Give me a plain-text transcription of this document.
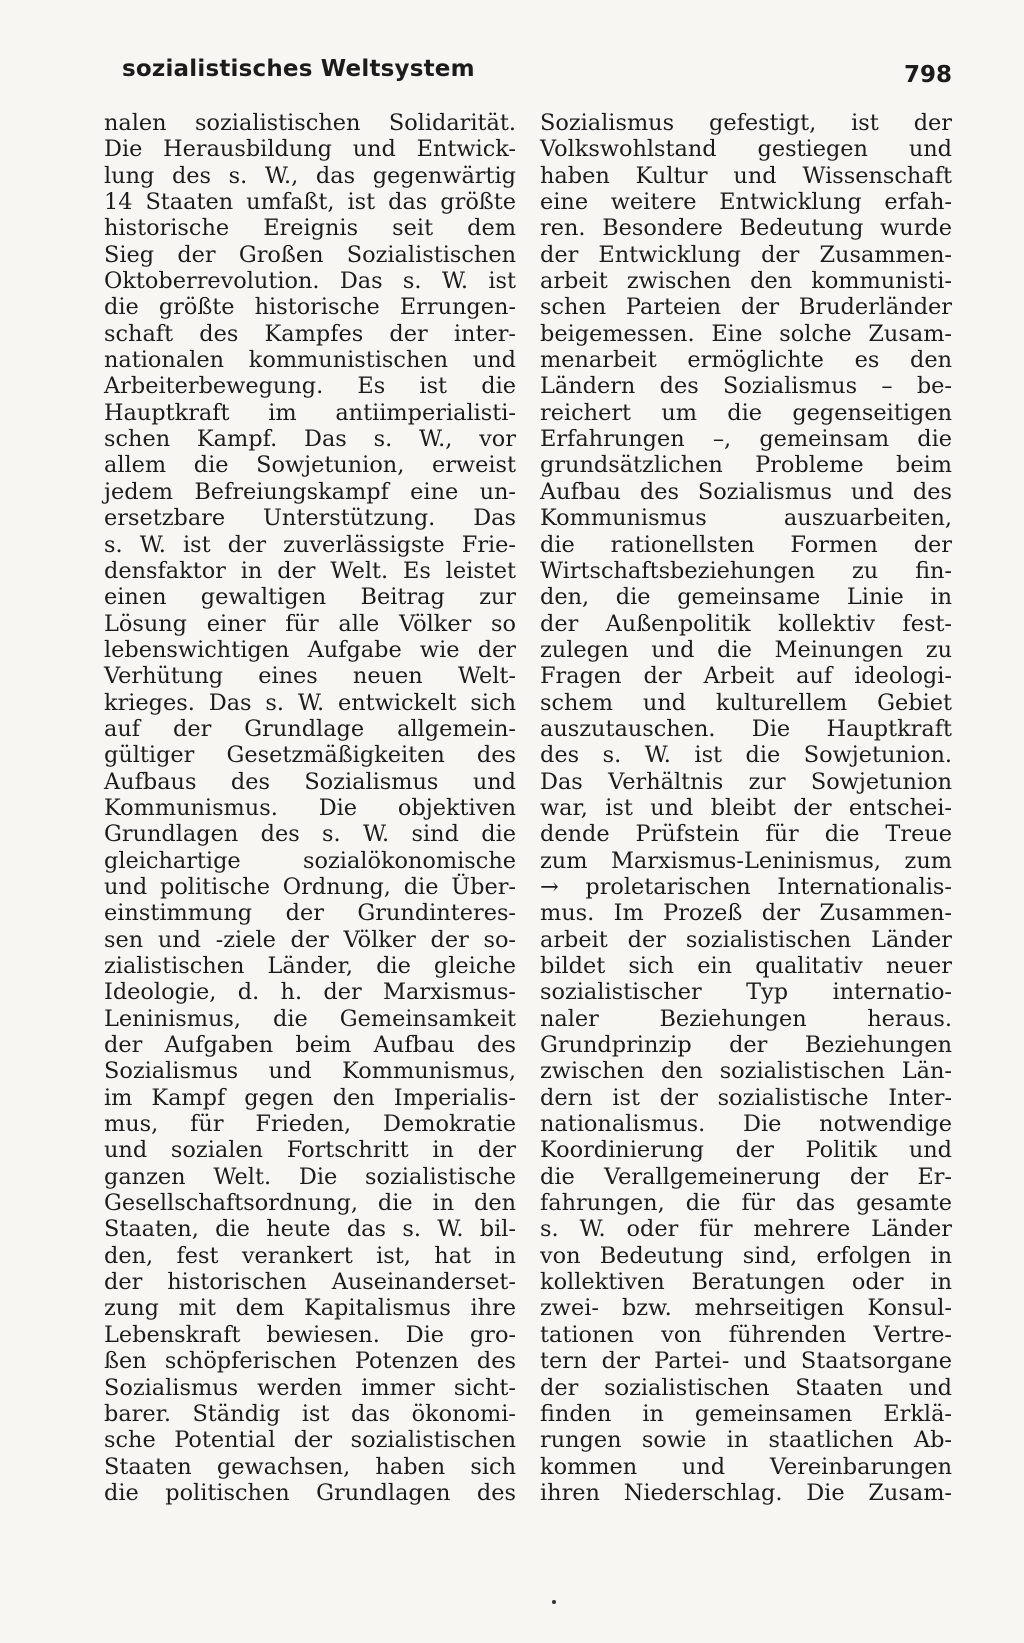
sozialistisches Weltsystem	798
nalen sozialistischen Solidarität.
Die Herausbildung und Entwick-
lung des s. W., das gegenwärtig
14 Staaten umfaßt, ist das größte
historische Ereignis seit dem
Sieg der Großen Sozialistischen
Oktoberrevolution. Das s. W. ist
die größte historische Errungen-
schaft des Kampfes der inter-
nationalen kommunistischen und
Arbeiterbewegung. Es ist die
Hauptkraft im antiimperialisti-
schen Kampf. Das s. W., vor
allem die Sowjetunion, erweist
jedem Befreiungskampf eine un-
ersetzbare Unterstützung. Das
s. W. ist der zuverlässigste Frie-
densfaktor in der Welt. Es leistet
einen gewaltigen Beitrag zur
Lösung einer für alle Völker so
lebenswichtigen Aufgabe wie der
Verhütung eines neuen Welt-
krieges. Das s. W. entwickelt sich
auf der Grundlage allgemein-
gültiger Gesetzmäßigkeiten des
Aufbaus des Sozialismus und
Kommunismus. Die objektiven
Grundlagen des s. W. sind die
gleichartige sozialökonomische
und politische Ordnung, die Über-
einstimmung der Grundinteres-
sen und -ziele der Völker der so-
zialistischen Länder, die gleiche
Ideologie, d. h. der Marxismus-
Leninismus, die Gemeinsamkeit
der Aufgaben beim Aufbau des
Sozialismus und Kommunismus,
im Kampf gegen den Imperialis-
mus, für Frieden, Demokratie
und sozialen Fortschritt in der
ganzen Welt. Die sozialistische
Gesellschaftsordnung, die in den
Staaten, die heute das s. W. bil-
den, fest verankert ist, hat in
der historischen Auseinanderset-
zung mit dem Kapitalismus ihre
Lebenskraft bewiesen. Die gro-
ßen schöpferischen Potenzen des
Sozialismus werden immer sicht-
barer. Ständig ist das ökonomi-
sche Potential der sozialistischen
Staaten gewachsen, haben sich
die politischen Grundlagen des
Sozialismus gefestigt, ist der
Volkswohlstand gestiegen und
haben Kultur und Wissenschaft
eine weitere Entwicklung erfah-
ren. Besondere Bedeutung wurde
der Entwicklung der Zusammen-
arbeit zwischen den kommunisti-
schen Parteien der Bruderländer
beigemessen. Eine solche Zusam-
menarbeit ermöglichte es den
Ländern des Sozialismus – be-
reichert um die gegenseitigen
Erfahrungen –, gemeinsam die
grundsätzlichen Probleme beim
Aufbau des Sozialismus und des
Kommunismus auszuarbeiten,
die rationellsten Formen der
Wirtschaftsbeziehungen zu fin-
den, die gemeinsame Linie in
der Außenpolitik kollektiv fest-
zulegen und die Meinungen zu
Fragen der Arbeit auf ideologi-
schem und kulturellem Gebiet
auszutauschen. Die Hauptkraft
des s. W. ist die Sowjetunion.
Das Verhältnis zur Sowjetunion
war, ist und bleibt der entschei-
dende Prüfstein für die Treue
zum Marxismus-Leninismus, zum
→ proletarischen Internationalis-
mus. Im Prozeß der Zusammen-
arbeit der sozialistischen Länder
bildet sich ein qualitativ neuer
sozialistischer Typ internatio-
naler Beziehungen heraus.
Grundprinzip der Beziehungen
zwischen den sozialistischen Län-
dern ist der sozialistische Inter-
nationalismus. Die notwendige
Koordinierung der Politik und
die Verallgemeinerung der Er-
fahrungen, die für das gesamte
s. W. oder für mehrere Länder
von Bedeutung sind, erfolgen in
kollektiven Beratungen oder in
zwei- bzw. mehrseitigen Konsul-
tationen von führenden Vertre-
tern der Partei- und Staatsorgane
der sozialistischen Staaten und
finden in gemeinsamen Erklä-
rungen sowie in staatlichen Ab-
kommen und Vereinbarungen
ihren Niederschlag. Die Zusam-
